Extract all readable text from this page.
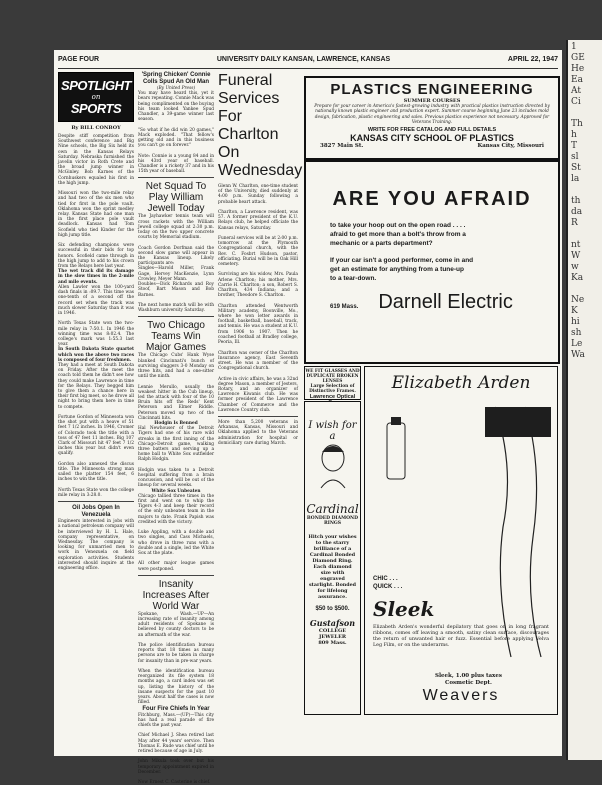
1
GE
He
Ea
At
Ci

Th
h
T
sl
St
la

th
da
R

nt
W
w
Ka

Ne
K
hi
sh
Le
Wa
PAGE FOUR	UNIVERSITY DAILY KANSAN, LAWRENCE, KANSAS	APRIL 22, 1947
SPOTLIGHT
on
SPORTS
By BILL CONBOY
Despite stiff competition from Southwest conference and Big Nine schools, the Big Six held its own in the Kansas Relays Saturday. Nebraska furnished the javelin victor in Roth Crete and the broad jump winner in McGinley. Bob Karnes of the Cornhuskers equaled his first in the high jump.

Missouri won the two-mile relay and had two of the six men who tied for first in the pole vault. Oklahoma won the sprint medley relay. Kansas State had one man in the first place pole vault deadlock. Kansas had Tom Scofield who tied Kinder for the high jump title.

Six defending champions were successful in their bids for top honors. Scofield came through in the high jump to add to his crown from the Relays here last year.
The wet track did its damage in the slow times in the 2-mile and mile events.
Allen Lawler won the 100-yard dash finals in :09.7. This time was one-tenth of a second off the record set when the track was much slower Saturday than it was in 1946.

North Texas State won the two-mile relay in 7:50.1. In 1946 the winning time was 8:02.4. The college's mark was 1:55.3 last year.
In South Dakota State quartet which won the above two races is composed of four freshmen.
They had a meet at South Dakota on Friday. After the meet the coach told them he didn't see how they could make Lawrence in time for the Relays. They begged him to give them a chance here in their first big meet, so he drove all night to bring them here in time to compete.

Fortune Gordon of Minnesota won the shot put with a heave of 51 feet 7 1/2 inches. In 1946, Cromer of Colorado took the title with a toss of 47 feet 11 inches. Big 107 Clark of Missouri hit 47 feet 7 1/2 inches this year but didn't even qualify.

Gordon also annexed the discus title. The Minnesota strong man sailed the platter 154 feet, 6 inches to win the title.

North Texas State won the college mile relay in 3:28.0.
Oil Jobs Open In Venezuela
Engineers interested in jobs with a national petroleum company will be interviewed by H. L. Hale, company representative, on Wednesday. The company is looking for unmarried men to work in Venezuela on field exploration activities. Students interested should inquire at the engineering office.
'Spring Chicken' Connie Colls Spud An Old Man
(By United Press)
You may have heard this, yet it bears repeating. Connie Mack was being complimented on the buying his team looked Yankee Spud Chandler, a 39-game winner last season.

"So what if he did win 20 games," Mack exploded. "That fellow's getting old and in this business you can't go on forever."

Note: Connie is a young 84 and in his 43rd year of baseball. Chandler is a rickety 37 and in his 15th year of baseball.
Net Squad To Play William Jewell Today
The Jayhawker tennis team will cross rackets with the William Jewell college squad at 2:30 p.m. today on the two upper concrete courts by Memorial stadium.

Coach Gordon Dorfman said the second slow game will appear in the Kansas lineup. Likely participants are:
Singles—Harold Miller, Frank Gage, Hervey MacKenzie, Lynn Crowley, Meyer Mann.
Doubles—Dick Richards and Roy Stoof, Bart Mason and Bob Barnes.

The next home match will be with Washburn university Saturday.
Two Chicago Teams Win Major Games
The Chicago Cubs' Hank Wyse blanked Cincinnati's bunch of surviving sluggers 3-0 Monday on three hits, and had a one-sitter until the ninth.

Lennie Merullo, usually the weakest hitter in the Cub lineup, led the attack with four of the 10 Bruin hits off the Reds' Kent Peterson and Elmer Riddle. Peterson moved up two of the Cincinnati hits.
Hodgin Is Benned
Hal Newhouser of the Detroit Tigers had one of his rare wild streaks in the first inning of the Chicago-Detroit game, walking three batters and serving up a home ball to White Sox outfielder Ralph Hodgin.

Hodgin was taken to a Detroit hospital suffering from a brain concussion, and will be out of the lineup for several weeks.
White Sox Unbeaten
Chicago tallied three times in the first and went on to whip the Tigers 4-3 and keep their record of the only unbeaten team in the majors to date. Frank Papish was credited with the victory.

Luke Appling, with a double and two singles, and Cass Michaels, who drove in three runs with a double and a single, led the White Sox at the plate.

All other major league games were postponed.
Insanity Increases After World War
Spokane, Wash.—UP—An increasing rate of insanity among adult residents of Spokane is believed by county doctors to be an aftermath of the war.

The police identification bureau reports that 18 times as many persons are to be taken in charge for insanity than in pre-war years.

When the identification bureau reorganized its file system 18 months ago, a card index was set up, listing the history of the insane suspects for the past 10 years. About half the cases is now filled.
Four Fire Chiefs In Year
Fitchburg, Mass.—(UP)—This city has had a real parade of fire chiefs the past year.

Chief Michael J. Shea retired last May after 44 years' service. Then Thomas E. Rude was chief until he retired because of age in July.

John Mikula took over but his temporary appointment expired in December.

Now Ernest C. Casterine is chief.
Funeral Services For Charlton On Wednesday
Glenn W. Charlton, one-time student of the University, died suddenly at 4:00 p.m. Sunday following a probable heart attack.

Charlton, a Lawrence resident, was 57. A former president of the K.U. Relays club, he helped officiate the Kansas relays, Saturday.

Funeral services will be at 2:00 p.m. tomorrow at the Plymouth Congregational church, with the Rev. C. Fosbrt Hudson, pastor, officiating. Burial will be in Oak Hill cemetery.

Surviving are his widow, Mrs. Paula Arlene Charlton; his mother, Mrs. Carrie H. Charlton; a son, Robert S. Charlton, 434 Indiana; and a brother, Theodore S. Charlton.

Charlton attended Wentworth Military academy, Boonville, Mo., where he won letter awards in football, basketball, baseball, track, and tennis. He was a student at K.U. from 1906 to 1907. Then he coached football at Bradley college, Peoria, Ill.

Charlton was owner of the Charlton Insurance agency, East Seventh street. He was a member of the Congregational church.

Active in civic affairs, he was a 32nd degree Mason, a member of Jesters, Rotary, and an organizer of Lawrence Kiwanis club. He was former president of the Lawrence Chamber of Commerce and the Lawrence Country club.
More than 5,200 veterans in Arkansas, Kansas, Missouri and Oklahoma applied to the Veterans administration for hospital or domiciliary care during March.
PLASTICS ENGINEERING
SUMMER COURSES
Prepare for your career in America's fastest-growing industry with practical plastics instruction directed by nationally known plastic engineer and production expert. Summer course beginning June 23 includes mold design, fabrication, plastic engineering and sales. Previous plastics experience not necessary. Approved for Veterans Training.
WRITE FOR FREE CATALOG AND FULL DETAILS
KANSAS CITY SCHOOL OF PLASTICS
3827 Main St.	Kansas City, Missouri
ARE YOU AFRAID
to take your hoop out on the open road . . . .
afraid to get more than a bolt's throw from a
mechanic or a parts department?
If your car isn't a good performer, come in and
get an estimate for anything from a tune-up
to a tear-down.
619 Mass. Darnell Electric
WE FIT GLASSES AND DUPLICATE BROKEN LENSES
Large Selection of Distinctive Frames.
Lawrence Optical
I wish for a
Cardinal
BONDED DIAMOND RINGS
Hitch your wishes to the starry brilliance of a Cardinal Bonded Diamond Ring. Each diamond size with engraved starlight. Bonded for lifelong assurance.
$50 to $500.
Gustafson
COLLEGE JEWELER
809 Mass.
Elizabeth Arden
CHIC . . .
QUICK . . .
Sleek
Elizabeth Arden's wonderful depilatory that goes on in long fragrant ribbons, comes off leaving a smooth, satiny clean surface, discourages the return of unwanted hair or fuzz. Essential before applying Velva Leg Film, or on the underarms.
Sleek, 1.00 plus taxes
Cosmetic Dept.
Weavers
